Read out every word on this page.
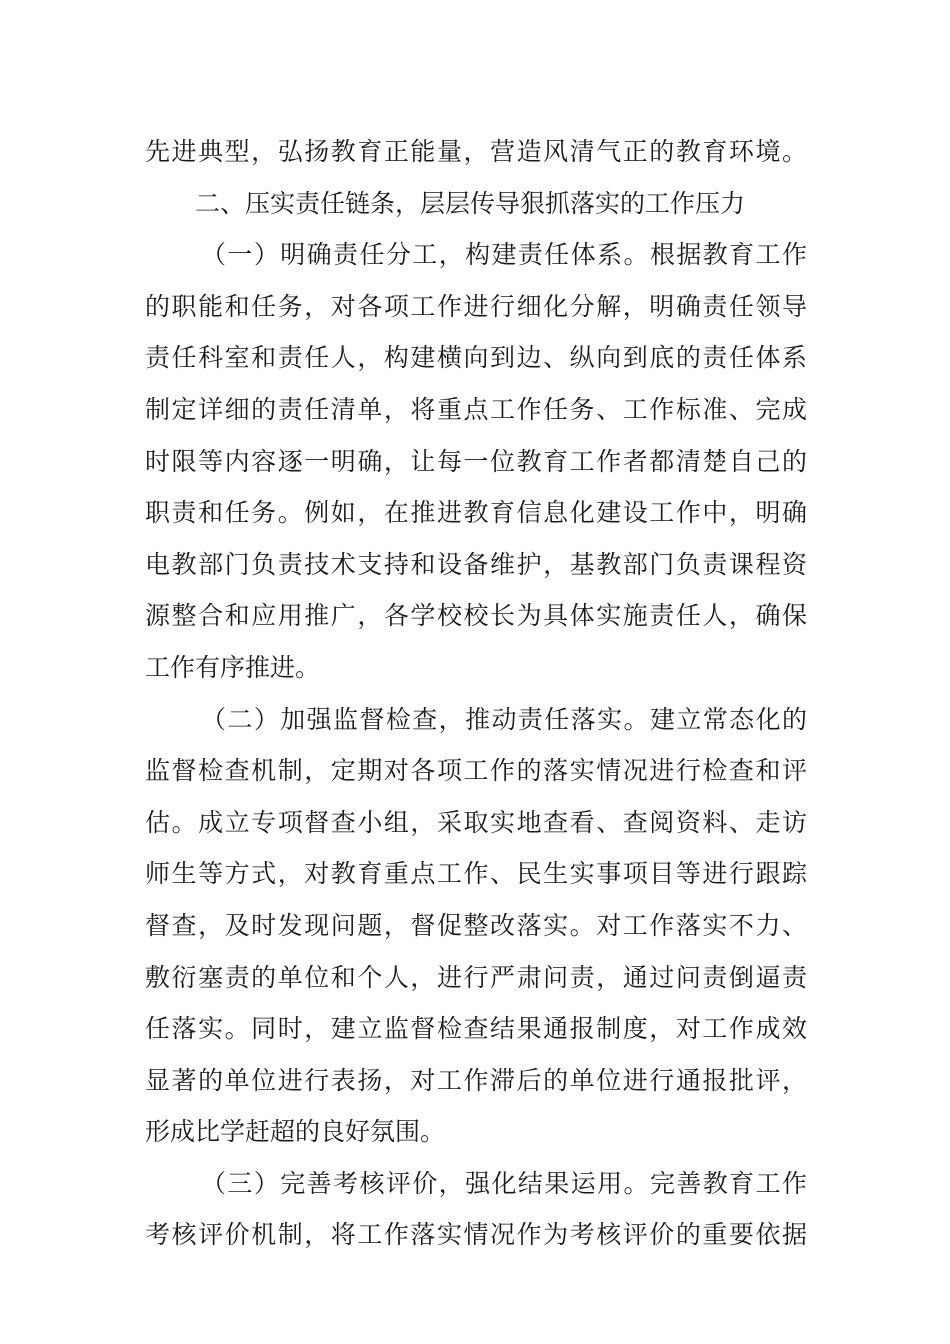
先进典型，弘扬教育正能量，营造风清气正的教育环境。
二、压实责任链条，层层传导狠抓落实的工作压力
（一）明确责任分工，构建责任体系。根据教育工作
的职能和任务，对各项工作进行细化分解，明确责任领导
责任科室和责任人，构建横向到边、纵向到底的责任体系
制定详细的责任清单，将重点工作任务、工作标准、完成
时限等内容逐一明确，让每一位教育工作者都清楚自己的
职责和任务。例如，在推进教育信息化建设工作中，明确
电教部门负责技术支持和设备维护，基教部门负责课程资
源整合和应用推广，各学校校长为具体实施责任人，确保
工作有序推进。
（二）加强监督检查，推动责任落实。建立常态化的
监督检查机制，定期对各项工作的落实情况进行检查和评
估。成立专项督查小组，采取实地查看、查阅资料、走访
师生等方式，对教育重点工作、民生实事项目等进行跟踪
督查，及时发现问题，督促整改落实。对工作落实不力、
敷衍塞责的单位和个人，进行严肃问责，通过问责倒逼责
任落实。同时，建立监督检查结果通报制度，对工作成效
显著的单位进行表扬，对工作滞后的单位进行通报批评，
形成比学赶超的良好氛围。
（三）完善考核评价，强化结果运用。完善教育工作
考核评价机制，将工作落实情况作为考核评价的重要依据
